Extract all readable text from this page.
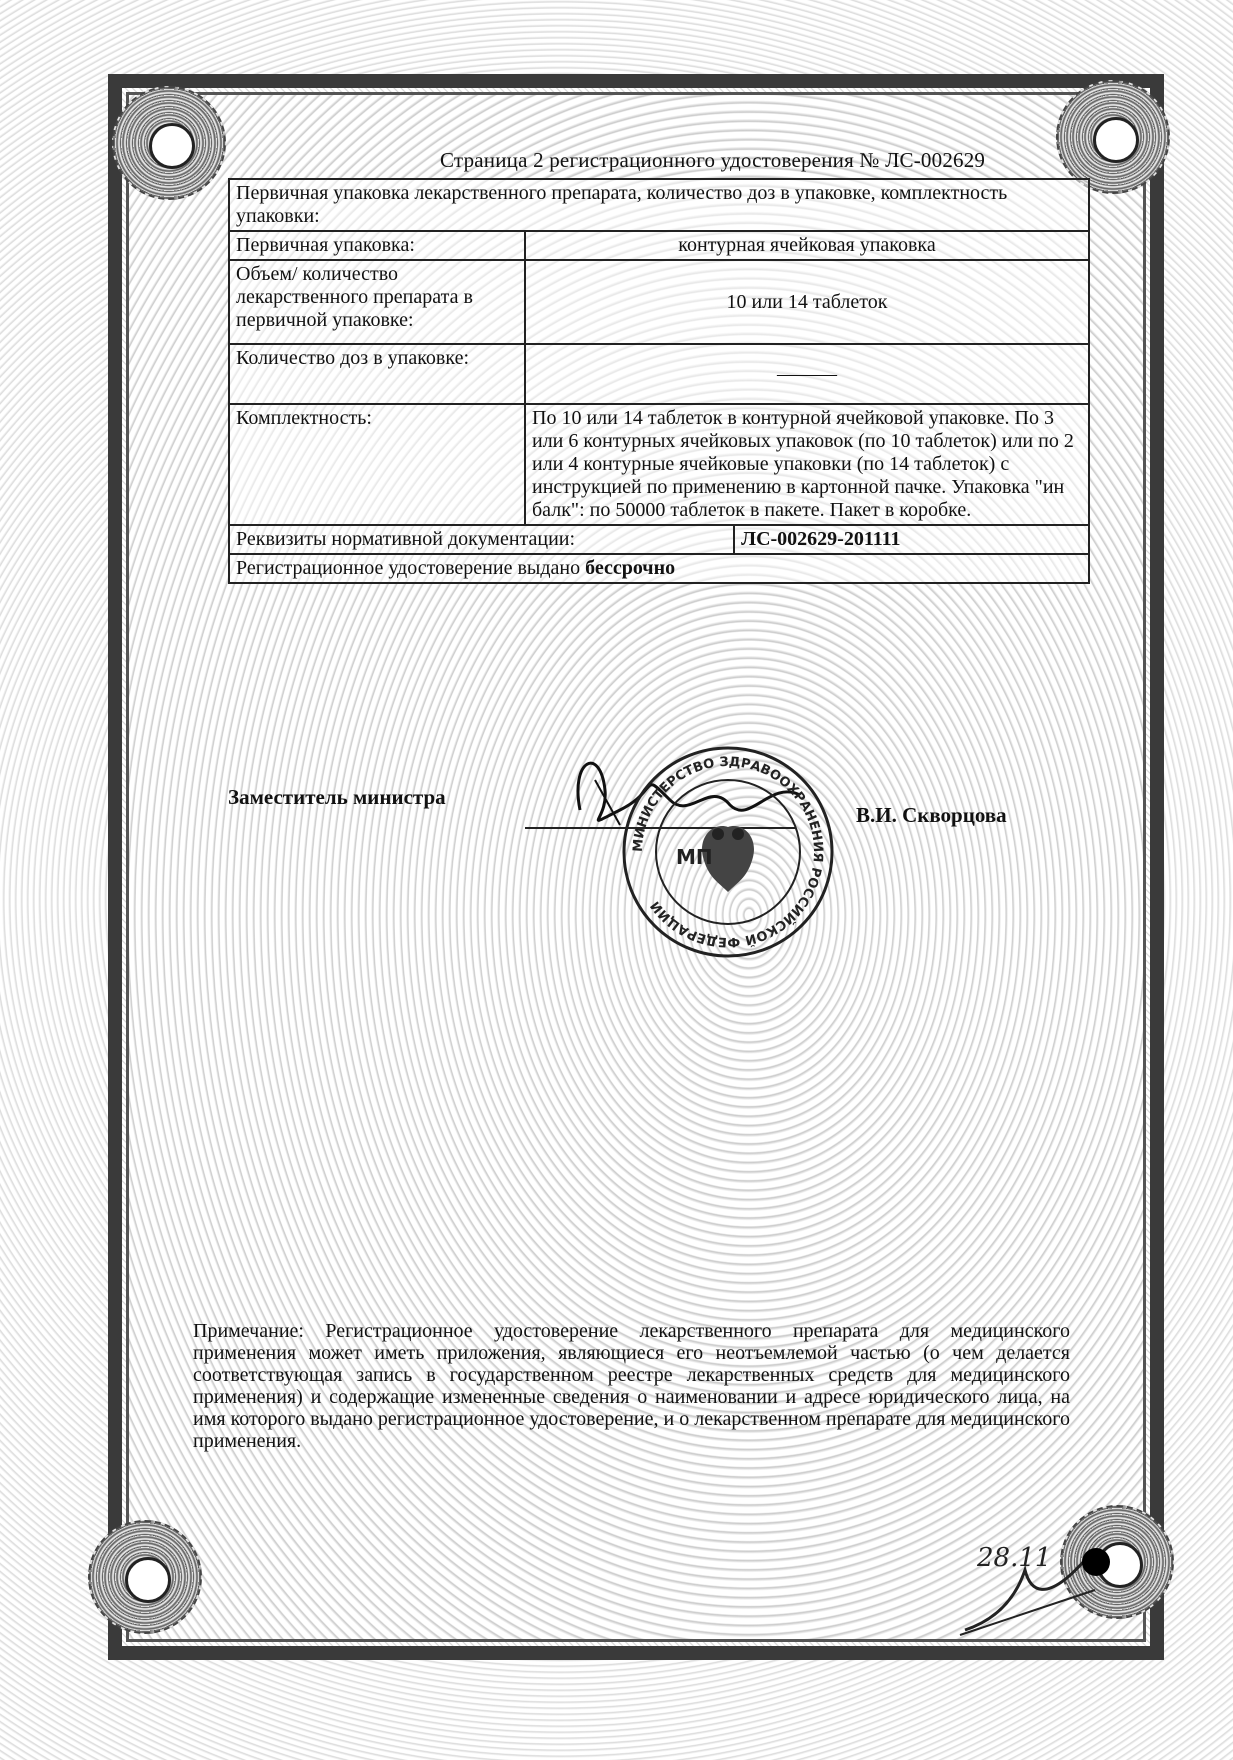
Страница 2 регистрационного удостоверения № ЛС-002629
Первичная упаковка лекарственного препарата, количество доз в упаковке, комплектность упаковки:		
Первичная упаковка:	контурная ячейковая упаковка	
Объем/ количество лекарственного препарата в первичной упаковке:	10 или 14 таблеток	
Количество доз в упаковке:	———	
Комплектность:	По 10 или 14 таблеток в контурной ячейковой упаковке. По 3 или 6 контурных ячейковых упаковок (по 10 таблеток) или по 2 или 4 контурные ячейковые упаковки (по 14 таблеток) с инструкцией по применению в картонной пачке. Упаковка "ин балк": по 50000 таблеток в пакете. Пакет в коробке.	
Реквизиты нормативной документации:		ЛС-002629-201111
Регистрационное удостоверение выдано бессрочно		
Заместитель министра
МИНИСТЕРСТВО ЗДРАВООХРАНЕНИЯ РОССИЙСКОЙ ФЕДЕРАЦИИ
МП
В.И. Скворцова
Примечание: Регистрационное удостоверение лекарственного препарата для медицинского применения может иметь приложения, являющиеся его неотъемлемой частью (о чем делается соответствующая запись в государственном реестре лекарственных средств для медицинского применения) и содержащие измененные сведения о наименовании и адресе юридического лица, на имя которого выдано регистрационное удостоверение, и о лекарственном препарате для медицинского применения.
28.11
